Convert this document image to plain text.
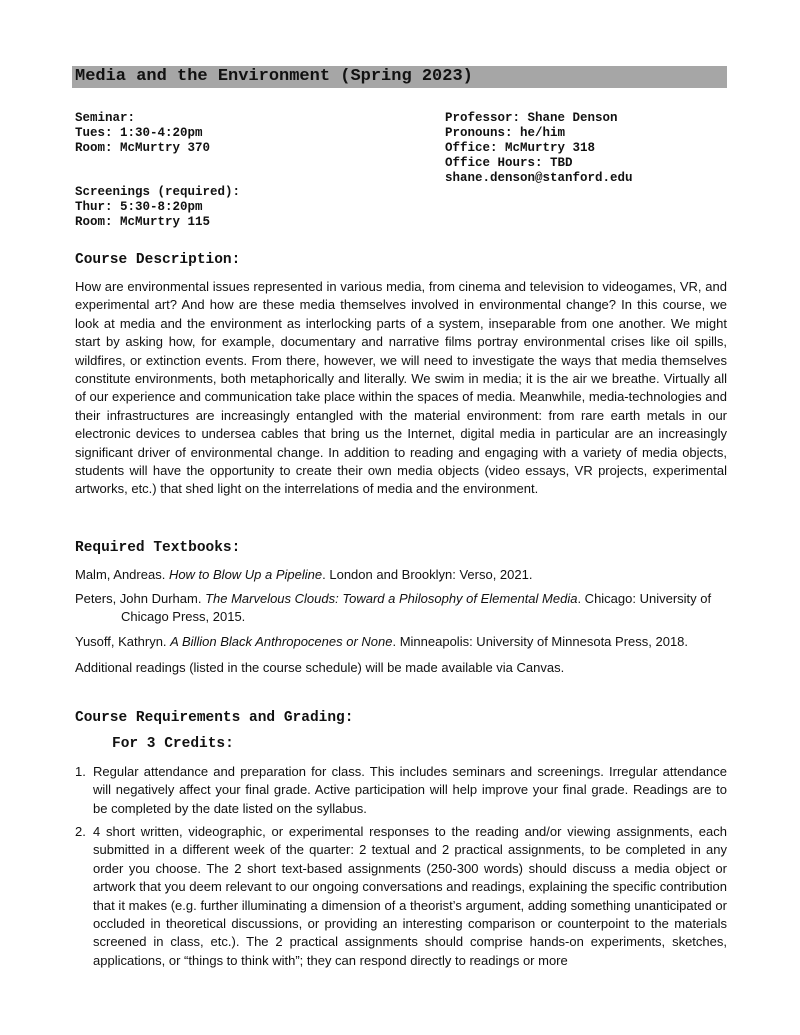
Media and the Environment (Spring 2023)
Seminar:
Tues: 1:30-4:20pm
Room: McMurtry 370
Screenings (required):
Thur: 5:30-8:20pm
Room: McMurtry 115
Professor: Shane Denson
Pronouns: he/him
Office: McMurtry 318
Office Hours: TBD
shane.denson@stanford.edu
Course Description:
How are environmental issues represented in various media, from cinema and television to videogames, VR, and experimental art? And how are these media themselves involved in environmental change? In this course, we look at media and the environment as interlocking parts of a system, inseparable from one another. We might start by asking how, for example, documentary and narrative films portray environmental crises like oil spills, wildfires, or extinction events. From there, however, we will need to investigate the ways that media themselves constitute environments, both metaphorically and literally. We swim in media; it is the air we breathe. Virtually all of our experience and communication take place within the spaces of media. Meanwhile, media-technologies and their infrastructures are increasingly entangled with the material environment: from rare earth metals in our electronic devices to undersea cables that bring us the Internet, digital media in particular are an increasingly significant driver of environmental change. In addition to reading and engaging with a variety of media objects, students will have the opportunity to create their own media objects (video essays, VR projects, experimental artworks, etc.) that shed light on the interrelations of media and the environment.
Required Textbooks:
Malm, Andreas. How to Blow Up a Pipeline. London and Brooklyn: Verso, 2021.
Peters, John Durham. The Marvelous Clouds: Toward a Philosophy of Elemental Media. Chicago: University of Chicago Press, 2015.
Yusoff, Kathryn. A Billion Black Anthropocenes or None. Minneapolis: University of Minnesota Press, 2018.
Additional readings (listed in the course schedule) will be made available via Canvas.
Course Requirements and Grading:
For 3 Credits:
1. Regular attendance and preparation for class. This includes seminars and screenings. Irregular attendance will negatively affect your final grade. Active participation will help improve your final grade. Readings are to be completed by the date listed on the syllabus.
2. 4 short written, videographic, or experimental responses to the reading and/or viewing assignments, each submitted in a different week of the quarter: 2 textual and 2 practical assignments, to be completed in any order you choose. The 2 short text-based assignments (250-300 words) should discuss a media object or artwork that you deem relevant to our ongoing conversations and readings, explaining the specific contribution that it makes (e.g. further illuminating a dimension of a theorist’s argument, adding something unanticipated or occluded in theoretical discussions, or providing an interesting comparison or counterpoint to the materials screened in class, etc.). The 2 practical assignments should comprise hands-on experiments, sketches, applications, or “things to think with”; they can respond directly to readings or more
